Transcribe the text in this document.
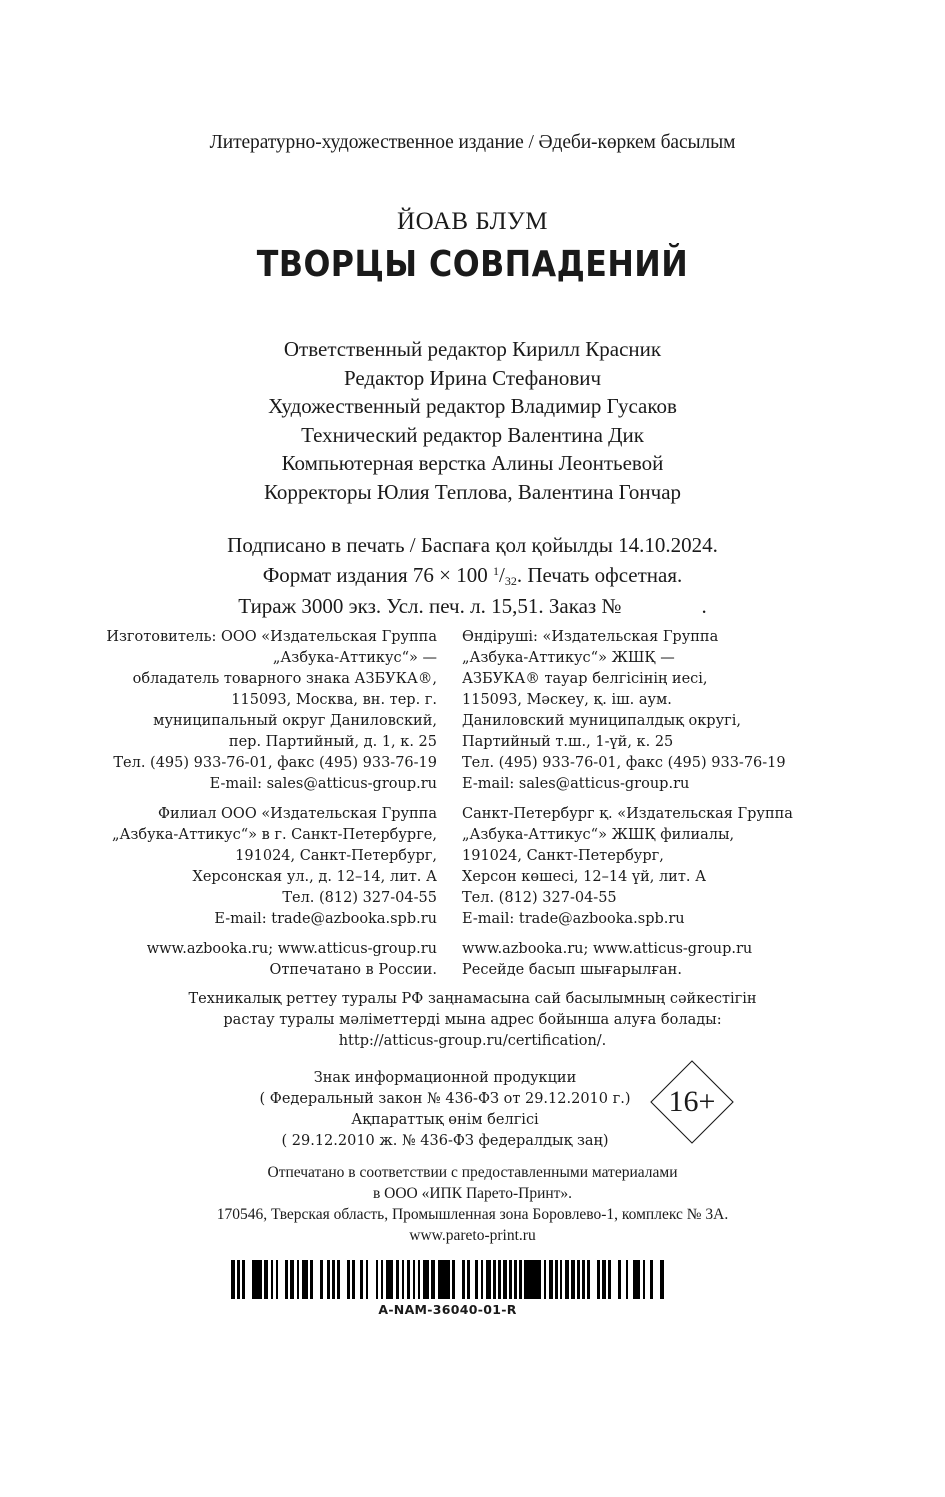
Литературно-художественное издание / Әдеби-көркем басылым
ЙОАВ БЛУМ
ТВОРЦЫ СОВПАДЕНИЙ
Ответственный редактор Кирилл Красник
Редактор Ирина Стефанович
Художественный редактор Владимир Гусаков
Технический редактор Валентина Дик
Компьютерная верстка Алины Леонтьевой
Корректоры Юлия Теплова, Валентина Гончар
Подписано в печать / Баспаға қол қойылды 14.10.2024.
Формат издания 76 × 100 $^1/_{32}$. Печать офсетная.
Тираж 3000 экз. Усл. печ. л. 15,51. Заказ №	.
Изготовитель: ООО «Издательская Группа
„Азбука-Аттикус“» —
обладатель товарного знака АЗБУКА®,
115093, Москва, вн. тер. г.
муниципальный округ Даниловский,
пер. Партийный, д. 1, к. 25
Тел. (495) 933-76-01, факс (495) 933-76-19
E-mail: sales@atticus-group.ru
Филиал ООО «Издательская Группа
„Азбука-Аттикус“» в г. Санкт-Петербурге,
191024, Санкт-Петербург,
Херсонская ул., д. 12–14, лит. А
Тел. (812) 327-04-55
E-mail: trade@azbooka.spb.ru
www.azbooka.ru; www.atticus-group.ru
Отпечатано в России.
Өндіруші: «Издательская Группа
„Азбука-Аттикус“» ЖШҚ —
АЗБУКА® тауар белгісінің иесі,
115093, Мәскеу, қ. іш. аум.
Даниловский муниципалдық округі,
Партийный т.ш., 1-үй, к. 25
Тел. (495) 933-76-01, факс (495) 933-76-19
E-mail: sales@atticus-group.ru
Санкт-Петербург қ. «Издательская Группа
„Азбука-Аттикус“» ЖШҚ филиалы,
191024, Санкт-Петербург,
Херсон көшесі, 12–14 үй, лит. А
Тел. (812) 327-04-55
E-mail: trade@azbooka.spb.ru
www.azbooka.ru; www.atticus-group.ru
Ресейде басып шығарылған.
Техникалық реттеу туралы РФ заңнамасына сай басылымның сәйкестігін
растау туралы мәліметтерді мына адрес бойынша алуға болады:
http://atticus-group.ru/certification/.
Знак информационной продукции
( Федеральный закон № 436-ФЗ от 29.12.2010 г.)
Ақпараттық өнім белгісі
( 29.12.2010 ж. № 436-ФЗ федералдық заң)
16+
Отпечатано в соответствии с предоставленными материалами
в ООО «ИПК Парето-Принт».
170546, Тверская область, Промышленная зона Боровлево-1, комплекс № 3А.
www.pareto-print.ru
A-NAM-36040-01-R
